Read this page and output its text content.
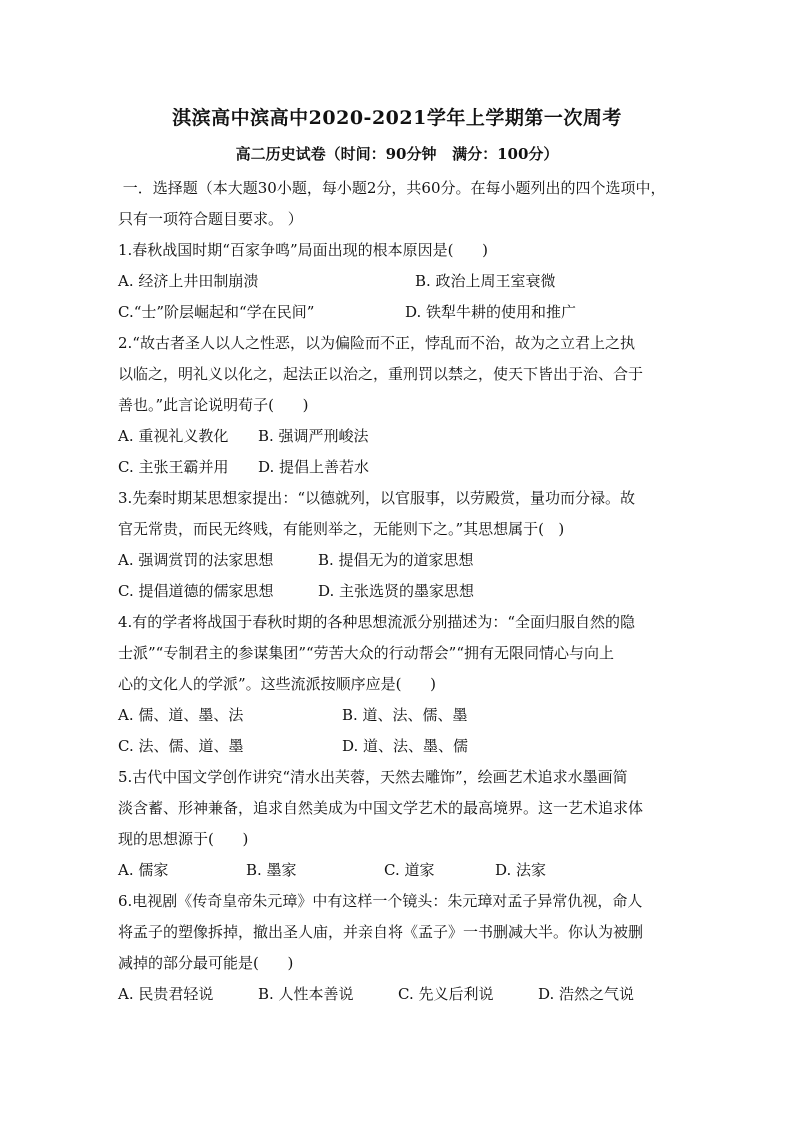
淇滨高中滨高中2020-2021学年上学期第一次周考
高二历史试卷（时间：90分钟   满分：100分）
一．选择题（本大题30小题，每小题2分，共60分。在每小题列出的四个选项中，
只有一项符合题目要求。 ）
1.春秋战国时期“百家争鸣”局面出现的根本原因是(      )
A. 经济上井田制崩溃	B. 政治上周王室衰微
C.“士”阶层崛起和“学在民间”	D. 铁犁牛耕的使用和推广
2.“故古者圣人以人之性恶，以为偏险而不正，悖乱而不治，故为之立君上之执
以临之，明礼义以化之，起法正以治之，重刑罚以禁之，使天下皆出于治、合于
善也。”此言论说明荀子(      )
A. 重视礼义教化 B. 强调严刑峻法
C. 主张王霸并用 D. 提倡上善若水
3.先秦时期某思想家提出：“以德就列，以官服事，以劳殿赏，量功而分禄。故
官无常贵，而民无终贱，有能则举之，无能则下之。”其思想属于(   )
A. 强调赏罚的法家思想	B. 提倡无为的道家思想
C. 提倡道德的儒家思想	D. 主张选贤的墨家思想
4.有的学者将战国于春秋时期的各种思想流派分别描述为：“全面归服自然的隐
士派”“专制君主的参谋集团”“劳苦大众的行动帮会”“拥有无限同情心与向上
心的文化人的学派”。这些流派按顺序应是(      )
A. 儒、道、墨、法	B. 道、法、儒、墨
C. 法、儒、道、墨	D. 道、法、墨、儒
5.古代中国文学创作讲究“清水出芙蓉，天然去雕饰”，绘画艺术追求水墨画简
淡含蓄、形神兼备，追求自然美成为中国文学艺术的最高境界。这一艺术追求体
现的思想源于(      )
A. 儒家	B. 墨家	C. 道家	D. 法家
6.电视剧《传奇皇帝朱元璋》中有这样一个镜头：朱元璋对孟子异常仇视，命人
将孟子的塑像拆掉，撤出圣人庙，并亲自将《孟子》一书删减大半。你认为被删
减掉的部分最可能是(      )
A. 民贵君轻说	B. 人性本善说	C. 先义后利说	D. 浩然之气说
